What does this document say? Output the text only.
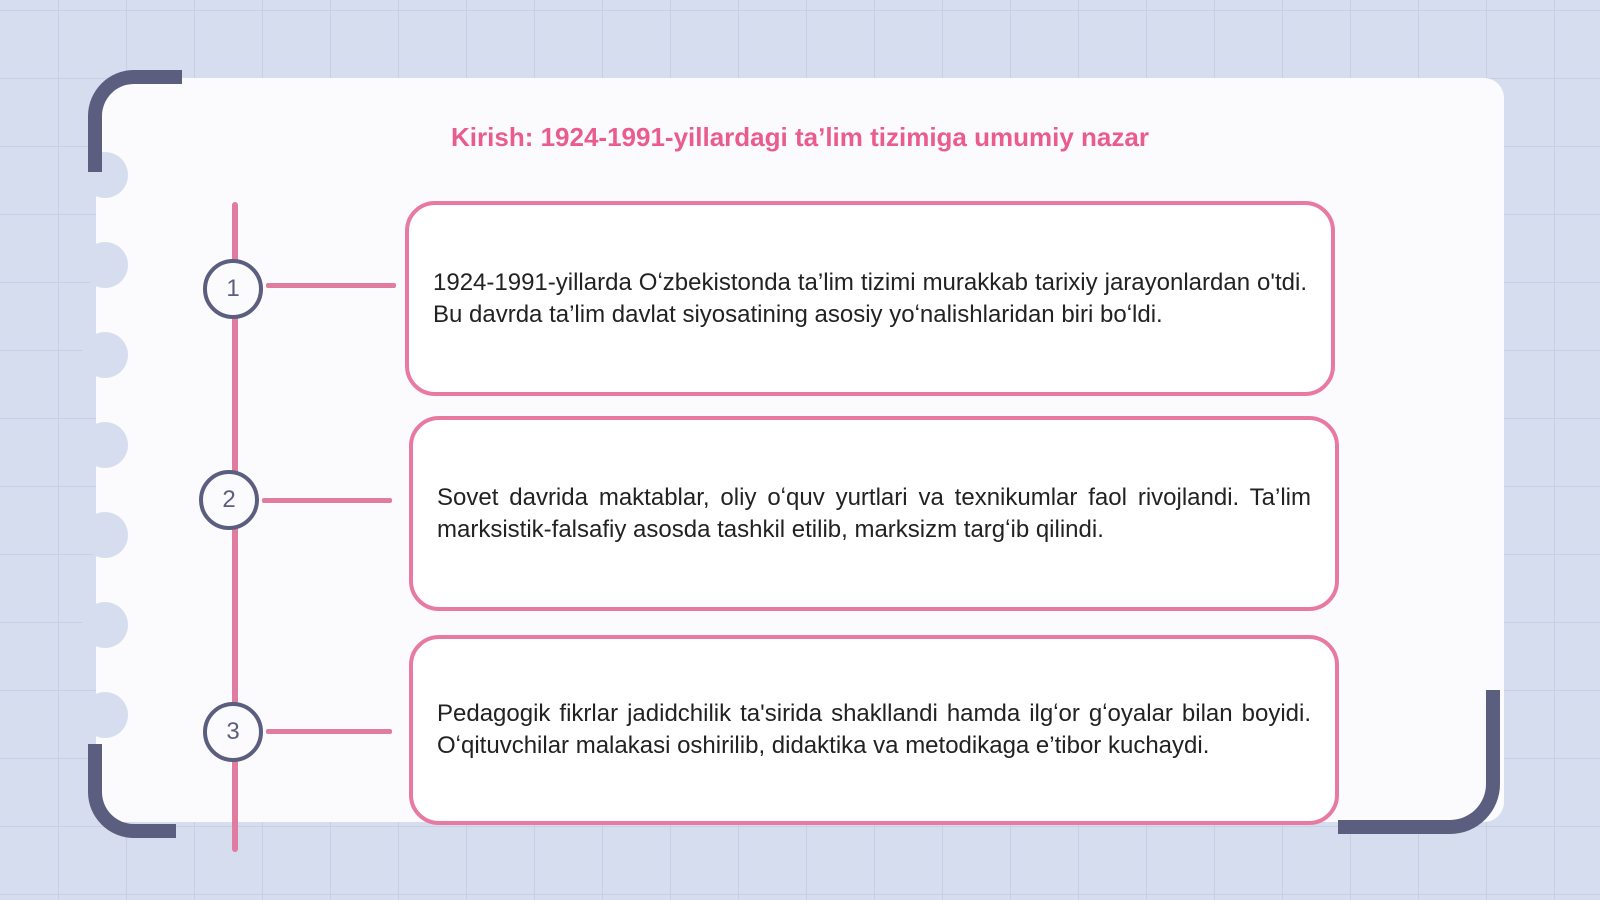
Kirish: 1924-1991-yillardagi taʼlim tizimiga umumiy nazar
1
2
3

1924-1991-yillarda Oʻzbekistonda ta’lim tizimi murakkab tarixiy jarayonlardan o'tdi. Bu davrda ta’lim davlat siyosatining asosiy yoʻnalishlaridan biri boʻldi.

Sovet davrida maktablar, oliy oʻquv yurtlari va texnikumlar faol rivojlandi. Ta’lim marksistik-falsafiy asosda tashkil etilib, marksizm targʻib qilindi.

Pedagogik fikrlar jadidchilik ta'sirida shakllandi hamda ilgʻor gʻoyalar bilan boyidi. Oʻqituvchilar malakasi oshirilib, didaktika va metodikaga e’tibor kuchaydi.
